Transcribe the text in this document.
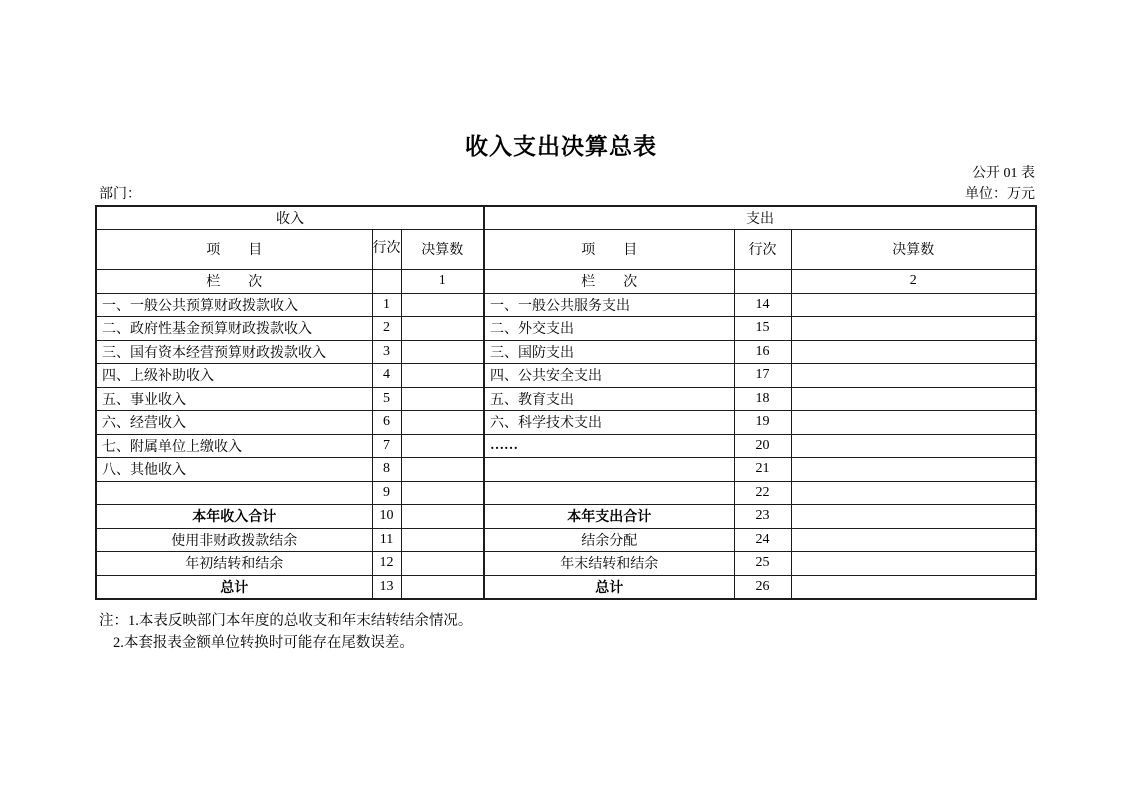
收入支出决算总表
公开 01 表
部门：	单位：万元
收入			支出		
项　　目	行次	决算数	项　　目	行次	决算数
栏　　次		1	栏　　次		2
一、一般公共预算财政拨款收入	1		一、一般公共服务支出	14	
二、政府性基金预算财政拨款收入	2		二、外交支出	15	
三、国有资本经营预算财政拨款收入	3		三、国防支出	16	
四、上级补助收入	4		四、公共安全支出	17	
五、事业收入	5		五、教育支出	18	
六、经营收入	6		六、科学技术支出	19	
七、附属单位上缴收入	7		……	20	
八、其他收入	8			21	
	9			22	
本年收入合计	10		本年支出合计	23	
使用非财政拨款结余	11		结余分配	24	
年初结转和结余	12		年末结转和结余	25	
总计	13		总计	26	
注：1.本表反映部门本年度的总收支和年末结转结余情况。
2.本套报表金额单位转换时可能存在尾数误差。
